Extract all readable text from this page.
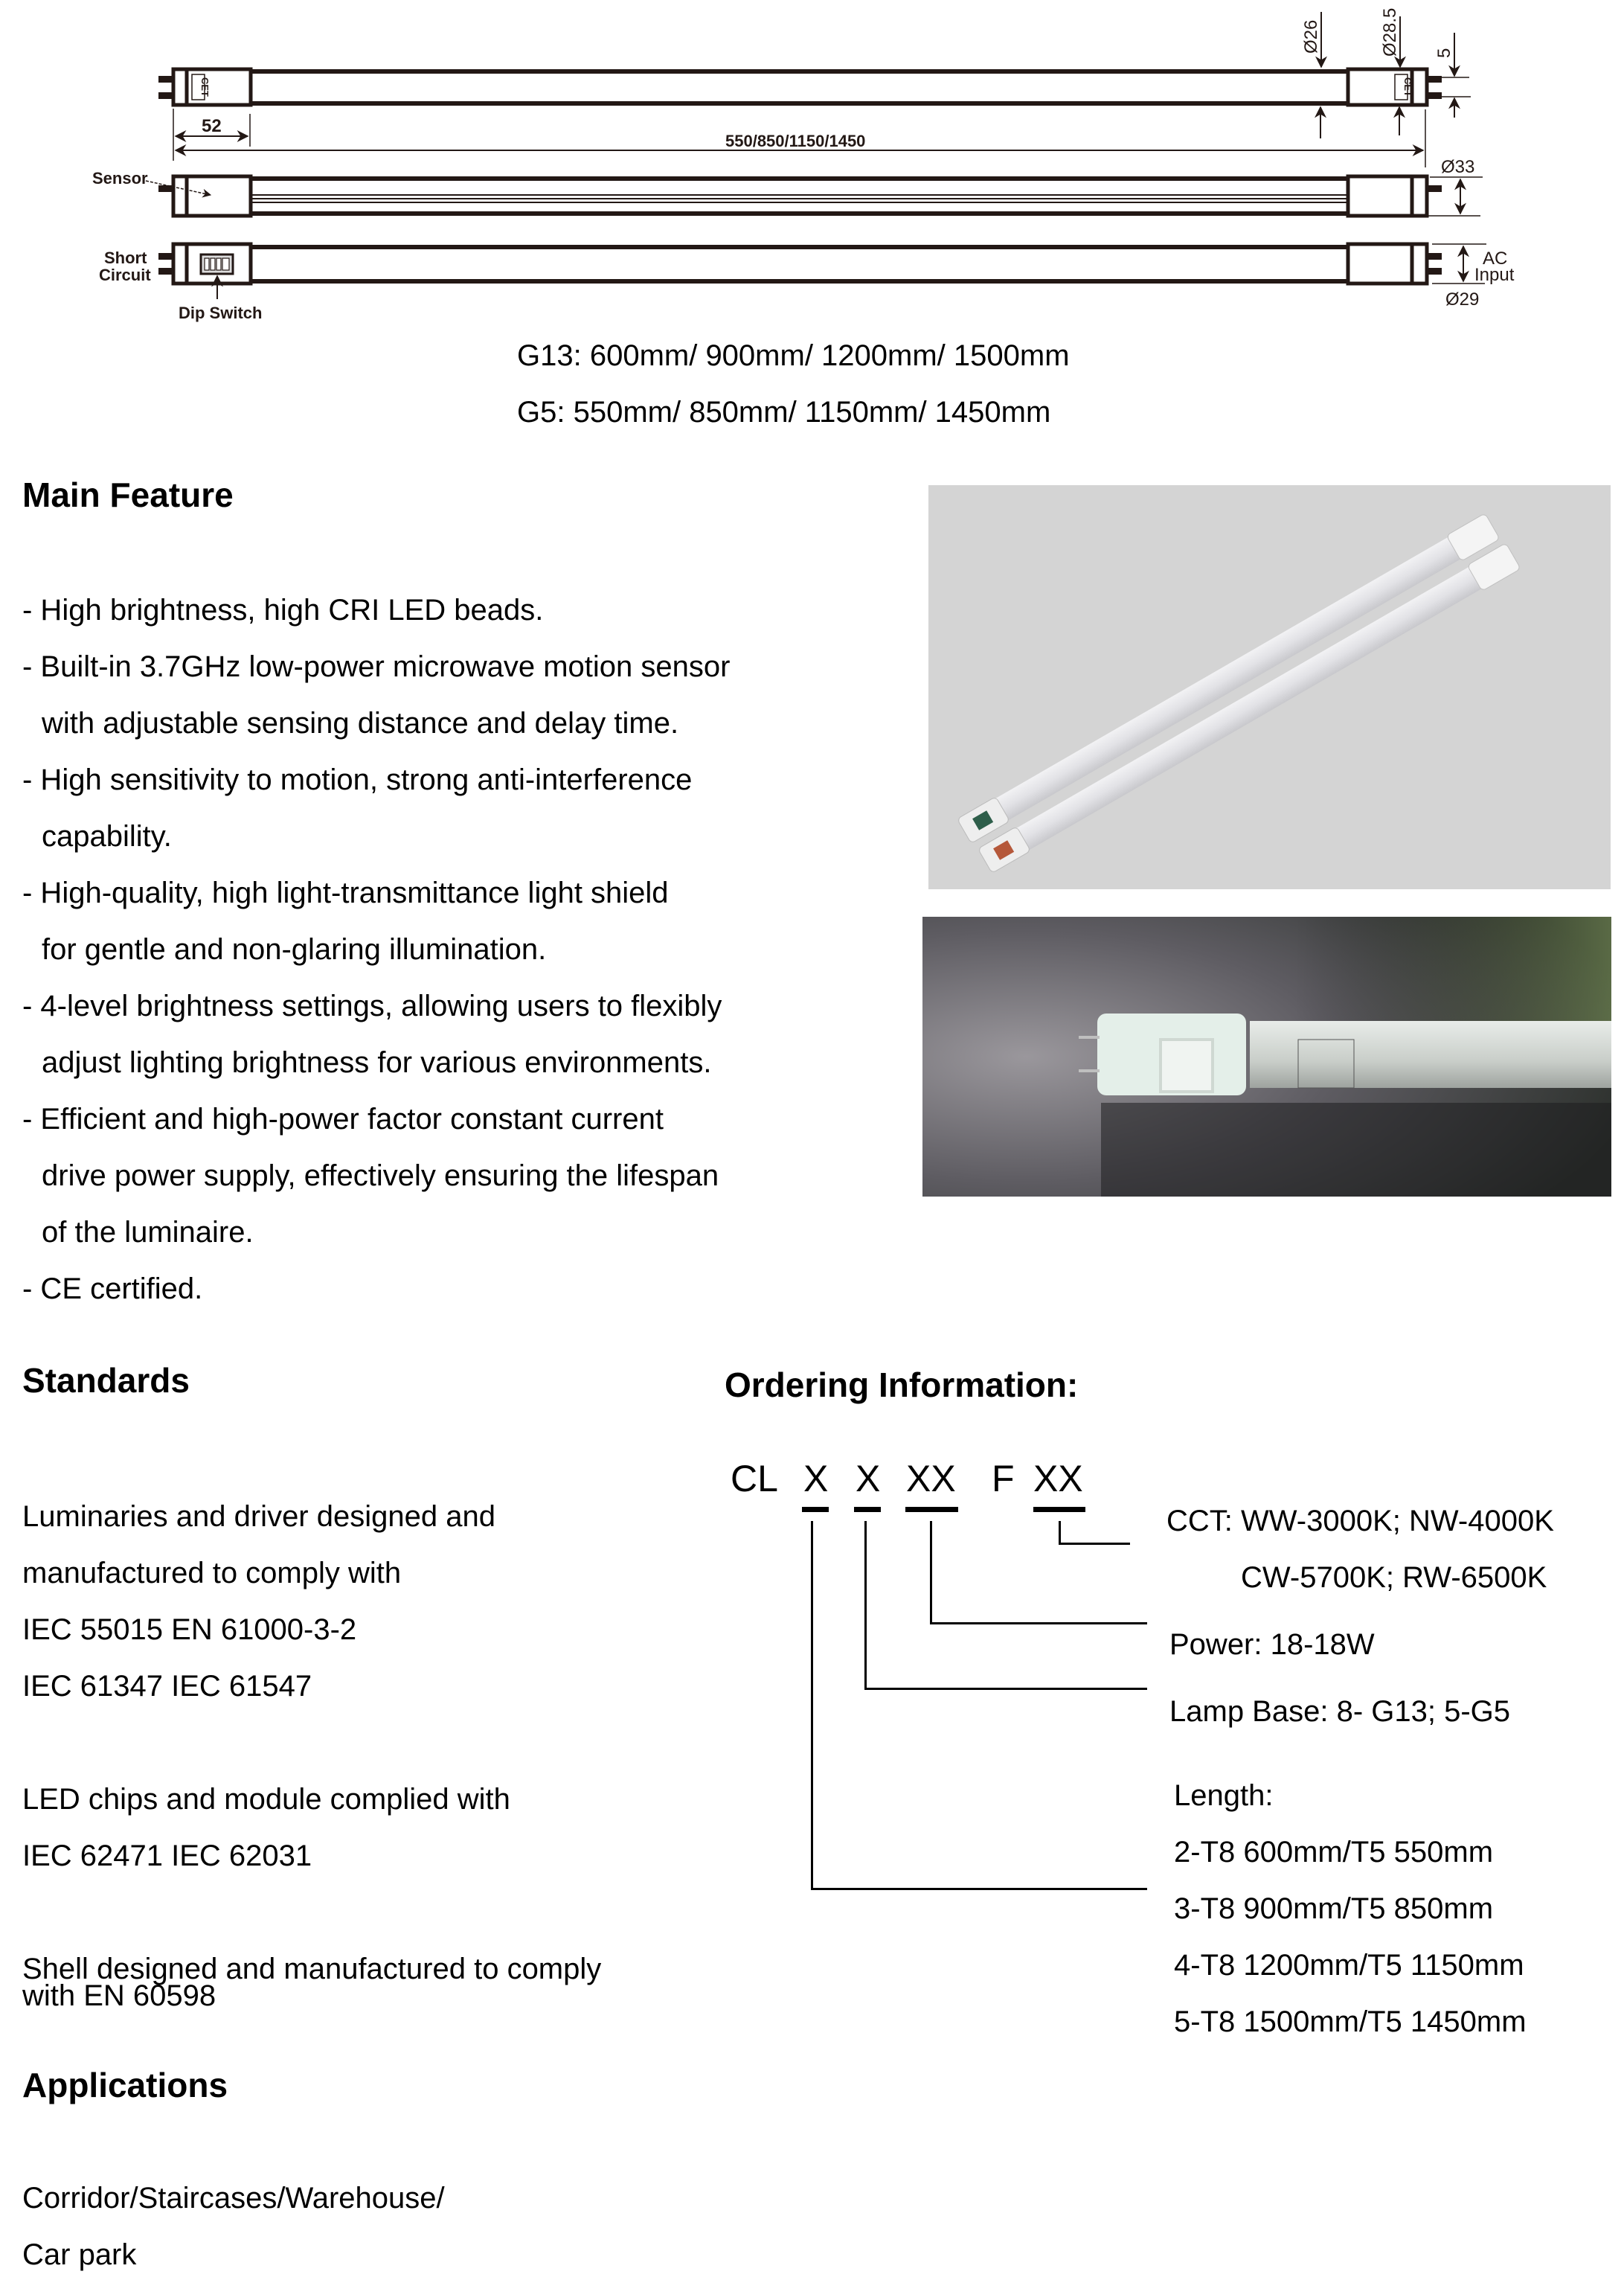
CET	CET
52
550/850/1150/1450
Ø26	Ø28.5 5
Ø33
Ø29
AC
Input
Sensor
Short
Circuit
Dip Switch
G13: 600mm/ 900mm/ 1200mm/ 1500mm
G5: 550mm/ 850mm/ 1150mm/ 1450mm
Main Feature
- High brightness, high CRI LED beads.
- Built-in 3.7GHz low-power microwave motion sensor
with adjustable sensing distance and delay time.
- High sensitivity to motion, strong anti-interference
capability.
- High-quality, high light-transmittance light shield
for gentle and non-glaring illumination.
- 4-level brightness settings, allowing users to flexibly
adjust lighting brightness for various environments.
- Efficient and high-power factor constant current
drive power supply, effectively ensuring the lifespan
of the luminaire.
- CE certified.
Standards
Luminaries and driver designed and
manufactured to comply with
IEC 55015 EN 61000-3-2
IEC 61347 IEC 61547
LED chips and module complied with
IEC 62471 IEC 62031
Shell designed and manufactured to comply
with EN 60598
Applications
Corridor/Staircases/Warehouse/
Car park
Ordering Information:
CL X X XX F XX
CCT: WW-3000K; NW-4000K
CW-5700K; RW-6500K
Power: 18-18W
Lamp Base: 8- G13; 5-G5
Length:
2-T8 600mm/T5 550mm
3-T8 900mm/T5 850mm
4-T8 1200mm/T5 1150mm
5-T8 1500mm/T5 1450mm
